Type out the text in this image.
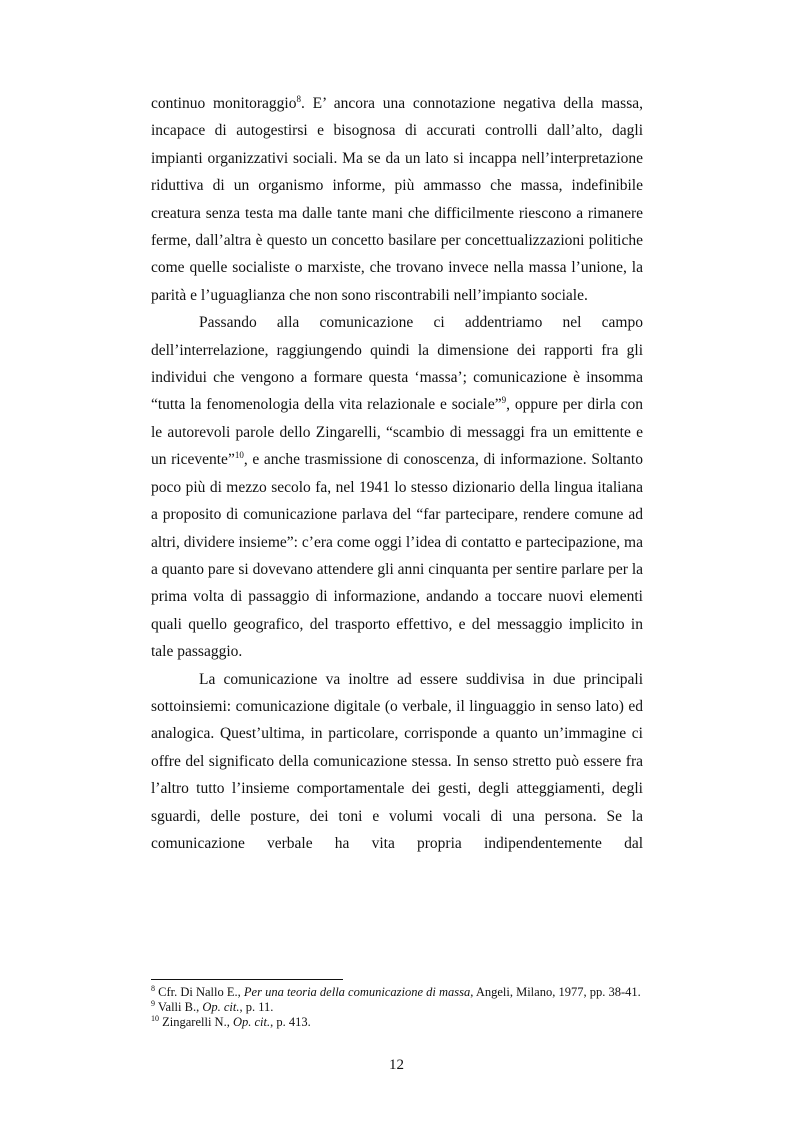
continuo monitoraggio$^8$. E’ ancora una connotazione negativa della massa, incapace di autogestirsi e bisognosa di accurati controlli dall’alto, dagli impianti organizzativi sociali. Ma se da un lato si incappa nell’interpretazione riduttiva di un organismo informe, più ammasso che massa, indefinibile creatura senza testa ma dalle tante mani che difficilmente riescono a rimanere ferme, dall’altra è questo un concetto basilare per concettualizzazioni politiche come quelle socialiste o marxiste, che trovano invece nella massa l’unione, la parità e l’uguaglianza che non sono riscontrabili nell’impianto sociale.

Passando alla comunicazione ci addentriamo nel campo dell’interrelazione, raggiungendo quindi la dimensione dei rapporti fra gli individui che vengono a formare questa ‘massa’; comunicazione è insomma “tutta la fenomenologia della vita relazionale e sociale”$^9$, oppure per dirla con le autorevoli parole dello Zingarelli, “scambio di messaggi fra un emittente e un ricevente”$^{10}$, e anche trasmissione di conoscenza, di informazione. Soltanto poco più di mezzo secolo fa, nel 1941 lo stesso dizionario della lingua italiana a proposito di comunicazione parlava del “far partecipare, rendere comune ad altri, dividere insieme”: c’era come oggi l’idea di contatto e partecipazione, ma a quanto pare si dovevano attendere gli anni cinquanta per sentire parlare per la prima volta di passaggio di informazione, andando a toccare nuovi elementi quali quello geografico, del trasporto effettivo, e del messaggio implicito in tale passaggio.

La comunicazione va inoltre ad essere suddivisa in due principali sottoinsiemi: comunicazione digitale (o verbale, il linguaggio in senso lato) ed analogica. Quest’ultima, in particolare, corrisponde a quanto un’immagine ci offre del significato della comunicazione stessa. In senso stretto può essere fra l’altro tutto l’insieme comportamentale dei gesti, degli atteggiamenti, degli sguardi, delle posture, dei toni e volumi vocali di una persona. Se la comunicazione verbale ha vita propria indipendentemente dal

$^8$ Cfr. Di Nallo E., Per una teoria della comunicazione di massa, Angeli, Milano, 1977, pp. 38-41.

$^9$ Valli B., Op. cit., p. 11.

$^{10}$ Zingarelli N., Op. cit., p. 413.

12
